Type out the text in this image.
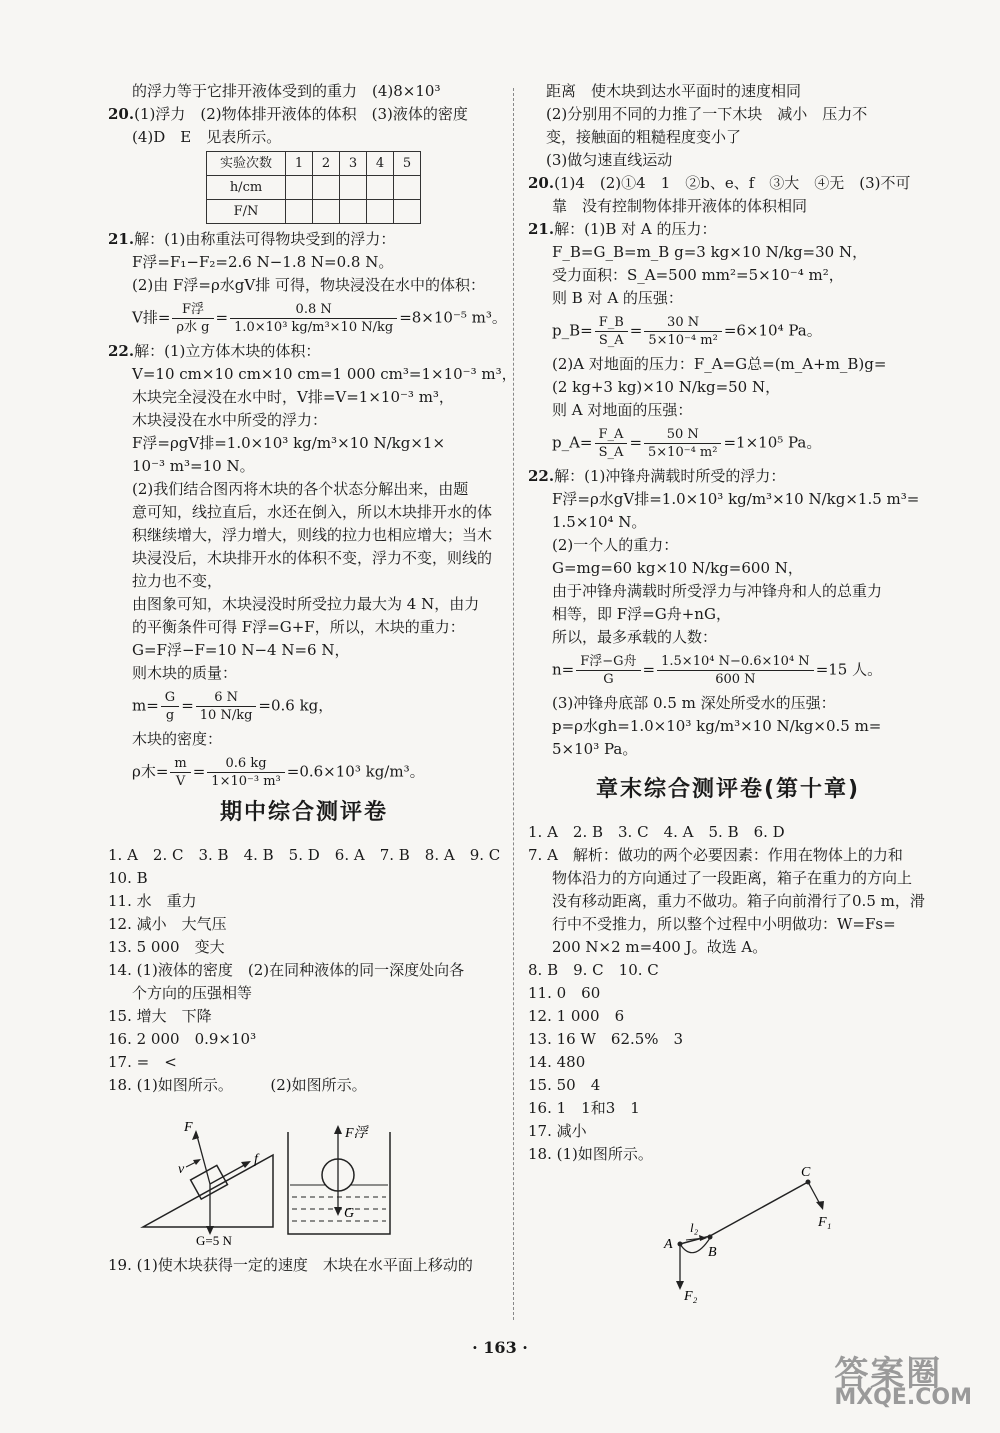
的浮力等于它排开液体受到的重力　(4)8×10³
20.(1)浮力　(2)物体排开液体的体积　(3)液体的密度
(4)D　E　见表所示。
实验次数	1	2	3	4	5
h/cm					
F/N					
21.解：(1)由称重法可得物块受到的浮力：
F浮=F₁−F₂=2.6 N−1.8 N=0.8 N。
(2)由 F浮=ρ水gV排 可得，物块浸没在水中的体积：
V排= $\frac{\text{F浮}}{\text{ρ水 g}} = \frac{0.8 N}{\text{1.0×10³ kg/m³×10 N/kg}} =8\times 10^{-5}$ m³。
22.解：(1)立方体木块的体积：
V=10 cm×10 cm×10 cm=1 000 cm³=1×10⁻³ m³，
木块完全浸没在水中时，V排=V=1×10⁻³ m³，
木块浸没在水中所受的浮力：
F浮=ρgV排=1.0×10³ kg/m³×10 N/kg×1×
10⁻³ m³=10 N。
(2)我们结合图丙将木块的各个状态分解出来，由题
意可知，线拉直后，水还在倒入，所以木块排开水的体
积继续增大，浮力增大，则线的拉力也相应增大；当木
块浸没后，木块排开水的体积不变，浮力不变，则线的
拉力也不变，
由图象可知，木块浸没时所受拉力最大为 4 N，由力
的平衡条件可得 F浮=G+F，所以，木块的重力：
G=F浮−F=10 N−4 N=6 N，
则木块的质量：
$m= \frac{G}{g} = \frac{6 N}{10 N/kg} =0.6$ kg，
木块的密度：
ρ木= $\frac{m}{V} = \frac{0.6 kg}{\text{1×10⁻³ m³}} =0.6\times 10^3$ kg/m³。
期中综合测评卷
1. A　2. C　3. B　4. B　5. D　6. A　7. B　8. A　9. C
10. B
11. 水　重力
12. 减小　大气压
13. 5 000　变大
14. (1)液体的密度　(2)在同种液体的同一深度处向各
个方向的压强相等
15. 增大　下降
16. 2 000　0.9×10³
17. =　<
18. (1)如图所示。　　　(2)如图所示。
F
v
f
G=5 N
F浮
G
19. (1)使木块获得一定的速度　木块在水平面上移动的
距离　使木块到达水平面时的速度相同
(2)分别用不同的力推了一下木块　减小　压力不
变，接触面的粗糙程度变小了
(3)做匀速直线运动
20.(1)4　(2)①4　1　②b、e、f　③大　④无　(3)不可
靠　没有控制物体排开液体的体积相同
21.解：(1)B 对 A 的压力：
F_B=G_B=m_B g=3 kg×10 N/kg=30 N，
受力面积：S_A=500 mm²=5×10⁻⁴ m²，
则 B 对 A 的压强：
p_B= $\frac{F\_B}{S\_A} = \frac{30 N}{\text{5×10⁻⁴ m²}} =6\times 10^4$ Pa。
(2)A 对地面的压力：F_A=G总=(m_A+m_B)g=
(2 kg+3 kg)×10 N/kg=50 N，
则 A 对地面的压强：
p_A= $\frac{F\_A}{S\_A} = \frac{50 N}{\text{5×10⁻⁴ m²}} =1\times 10^5$ Pa。
22.解：(1)冲锋舟满载时所受的浮力：
F浮=ρ水gV排=1.0×10³ kg/m³×10 N/kg×1.5 m³=
1.5×10⁴ N。
(2)一个人的重力：
G=mg=60 kg×10 N/kg=600 N，
由于冲锋舟满载时所受浮力与冲锋舟和人的总重力
相等，即 F浮=G舟+nG，
所以，最多承载的人数：
$n= \frac{\text{F浮−G舟}}{G} = \frac{\text{1.5×10⁴ N−0.6×10⁴ N}}{600 N} =15$ 人。
(3)冲锋舟底部 0.5 m 深处所受水的压强：
p=ρ水gh=1.0×10³ kg/m³×10 N/kg×0.5 m=
5×10³ Pa。
章末综合测评卷(第十章)
1. A　2. B　3. C　4. A　5. B　6. D
7. A　解析：做功的两个必要因素：作用在物体上的力和
物体沿力的方向通过了一段距离，箱子在重力的方向上
没有移动距离，重力不做功。箱子向前滑行了0.5 m，滑
行中不受推力，所以整个过程中小明做功：W=Fs=
200 N×2 m=400 J。故选 A。
8. B　9. C　10. C
11. 0　60
12. 1 000　6
13. 16 W　62.5%　3
14. 480
15. 50　4
16. 1　1和3　1
17. 减小
18. (1)如图所示。
A
B
C
l₂	F₁
F₂
· 163 ·
答案圈
MXQE.COM
